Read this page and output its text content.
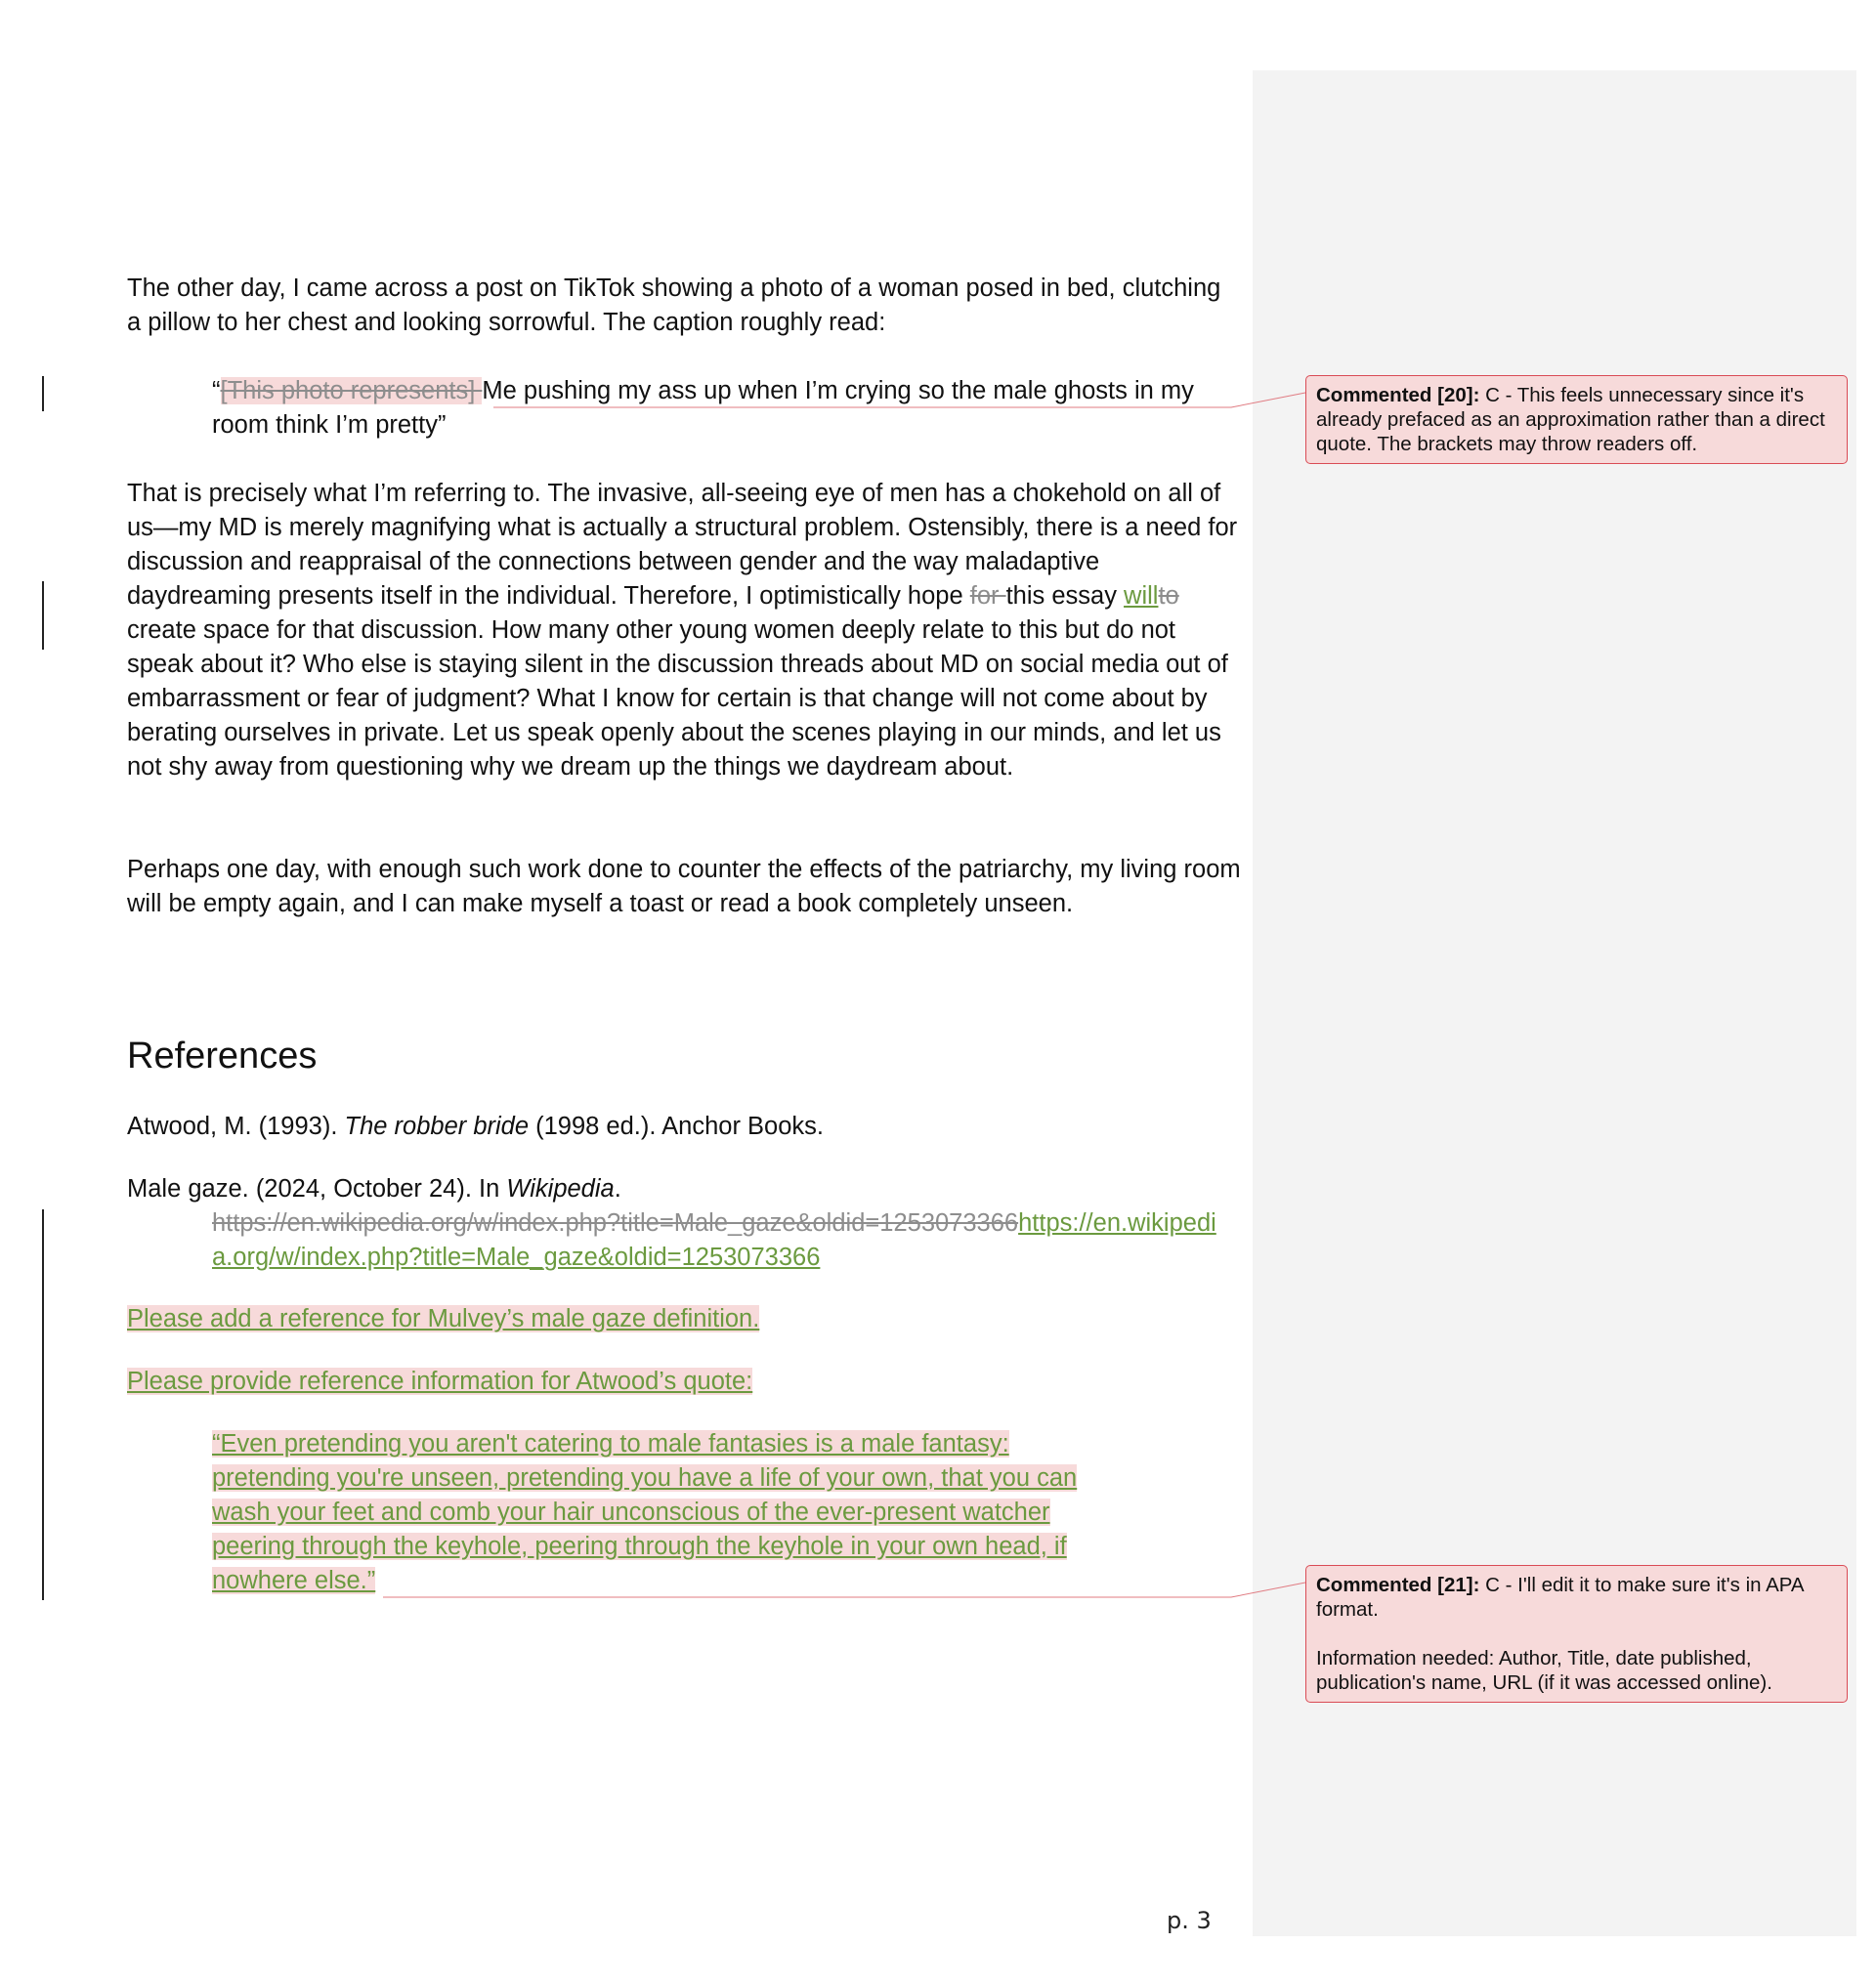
The other day, I came across a post on TikTok showing a photo of a woman posed in bed, clutching a pillow to her chest and looking sorrowful. The caption roughly read:

“[This photo represents] Me pushing my ass up when I’m crying so the male ghosts in my room think I’m pretty”

That is precisely what I’m referring to. The invasive, all-seeing eye of men has a chokehold on all of us—my MD is merely magnifying what is actually a structural problem. Ostensibly, there is a need for discussion and reappraisal of the connections between gender and the way maladaptive daydreaming presents itself in the individual. Therefore, I optimistically hope for this essay willto create space for that discussion. How many other young women deeply relate to this but do not speak about it? Who else is staying silent in the discussion threads about MD on social media out of embarrassment or fear of judgment? What I know for certain is that change will not come about by berating ourselves in private. Let us speak openly about the scenes playing in our minds, and let us not shy away from questioning why we dream up the things we daydream about.

Perhaps one day, with enough such work done to counter the effects of the patriarchy, my living room will be empty again, and I can make myself a toast or read a book completely unseen.

References

Atwood, M. (1993). The robber bride (1998 ed.). Anchor Books.

Male gaze. (2024, October 24). In Wikipedia.

https://en.wikipedia.org/w/index.php?title=Male_gaze&oldid=1253073366https://en.wikipedia.org/w/index.php?title=Male_gaze&oldid=1253073366

Please add a reference for Mulvey’s male gaze definition.

Please provide reference information for Atwood’s quote:

“Even pretending you aren't catering to male fantasies is a male fantasy: pretending you're unseen, pretending you have a life of your own, that you can wash your feet and comb your hair unconscious of the ever-present watcher peering through the keyhole, peering through the keyhole in your own head, if nowhere else.”

Commented [20]: C - This feels unnecessary since it's already prefaced as an approximation rather than a direct quote. The brackets may throw readers off.

Commented [21]: C - I'll edit it to make sure it's in APA format.

Information needed: Author, Title, date published, publication's name, URL (if it was accessed online).

p. 3
